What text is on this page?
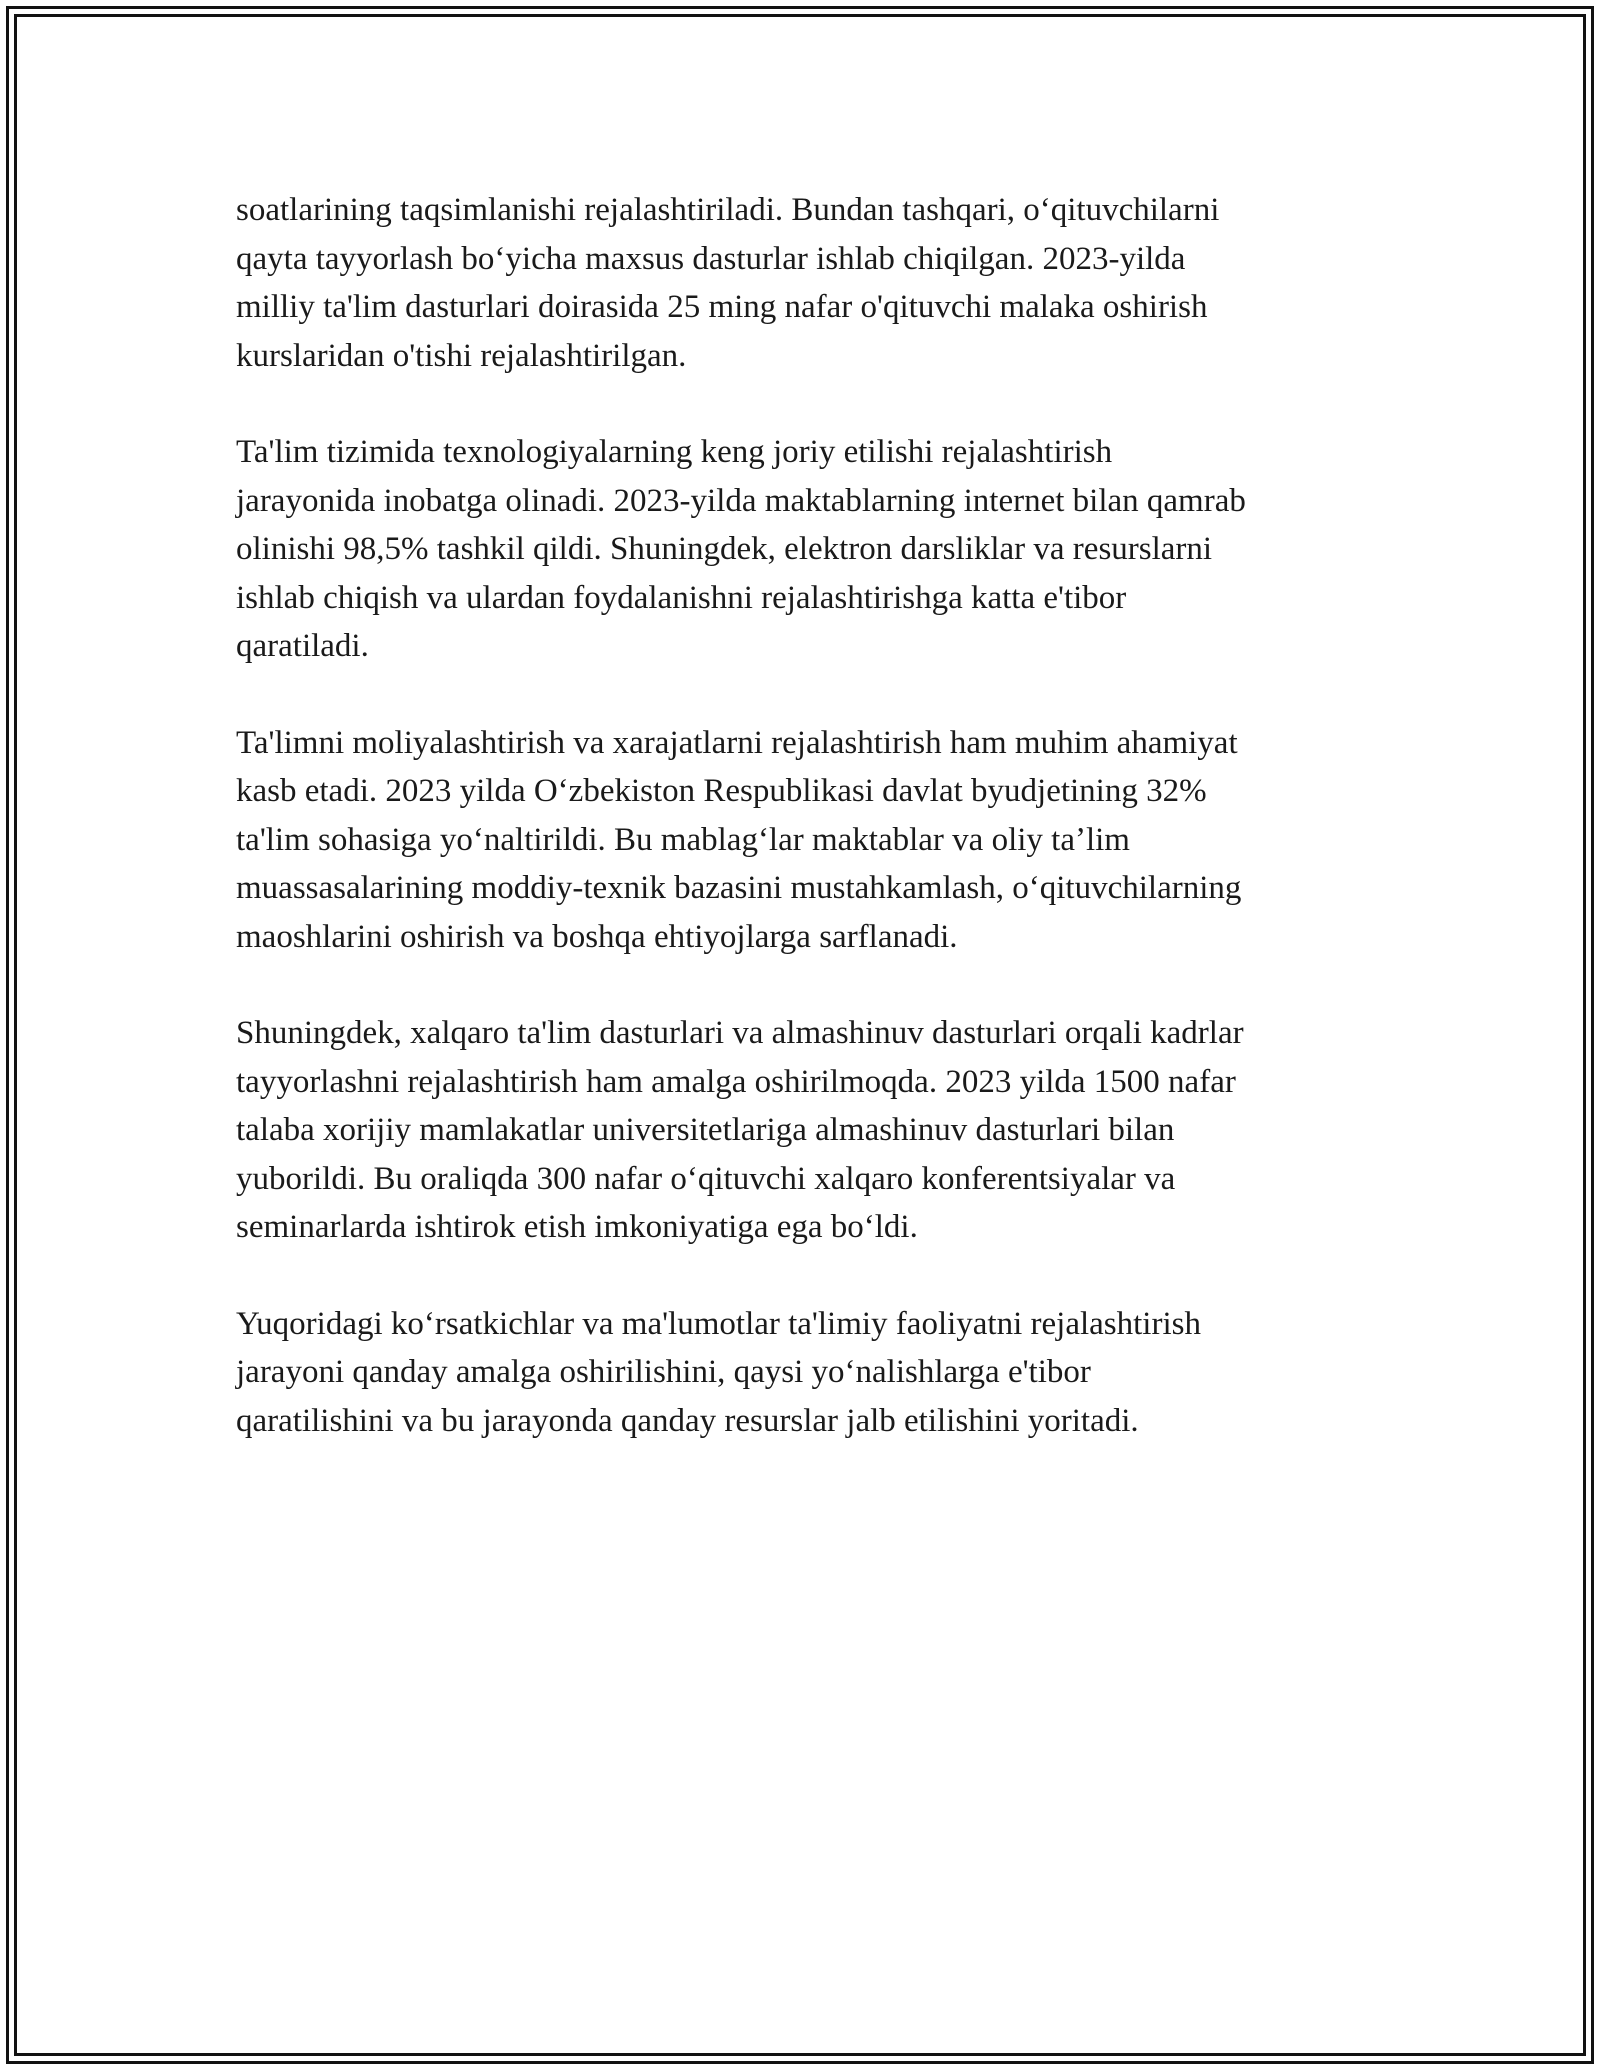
soatlarining taqsimlanishi rejalashtiriladi. Bundan tashqari, oʻqituvchilarni
qayta tayyorlash boʻyicha maxsus dasturlar ishlab chiqilgan. 2023-yilda
milliy ta'lim dasturlari doirasida 25 ming nafar o'qituvchi malaka oshirish
kurslaridan o'tishi rejalashtirilgan.

Ta'lim tizimida texnologiyalarning keng joriy etilishi rejalashtirish
jarayonida inobatga olinadi. 2023-yilda maktablarning internet bilan qamrab
olinishi 98,5% tashkil qildi. Shuningdek, elektron darsliklar va resurslarni
ishlab chiqish va ulardan foydalanishni rejalashtirishga katta e'tibor
qaratiladi.

Ta'limni moliyalashtirish va xarajatlarni rejalashtirish ham muhim ahamiyat
kasb etadi. 2023 yilda Oʻzbekiston Respublikasi davlat byudjetining 32%
ta'lim sohasiga yoʻnaltirildi. Bu mablagʻlar maktablar va oliy taʼlim
muassasalarining moddiy-texnik bazasini mustahkamlash, oʻqituvchilarning
maoshlarini oshirish va boshqa ehtiyojlarga sarflanadi.

Shuningdek, xalqaro ta'lim dasturlari va almashinuv dasturlari orqali kadrlar
tayyorlashni rejalashtirish ham amalga oshirilmoqda. 2023 yilda 1500 nafar
talaba xorijiy mamlakatlar universitetlariga almashinuv dasturlari bilan
yuborildi. Bu oraliqda 300 nafar oʻqituvchi xalqaro konferentsiyalar va
seminarlarda ishtirok etish imkoniyatiga ega boʻldi.

Yuqoridagi koʻrsatkichlar va ma'lumotlar ta'limiy faoliyatni rejalashtirish
jarayoni qanday amalga oshirilishini, qaysi yoʻnalishlarga e'tibor
qaratilishini va bu jarayonda qanday resurslar jalb etilishini yoritadi.
